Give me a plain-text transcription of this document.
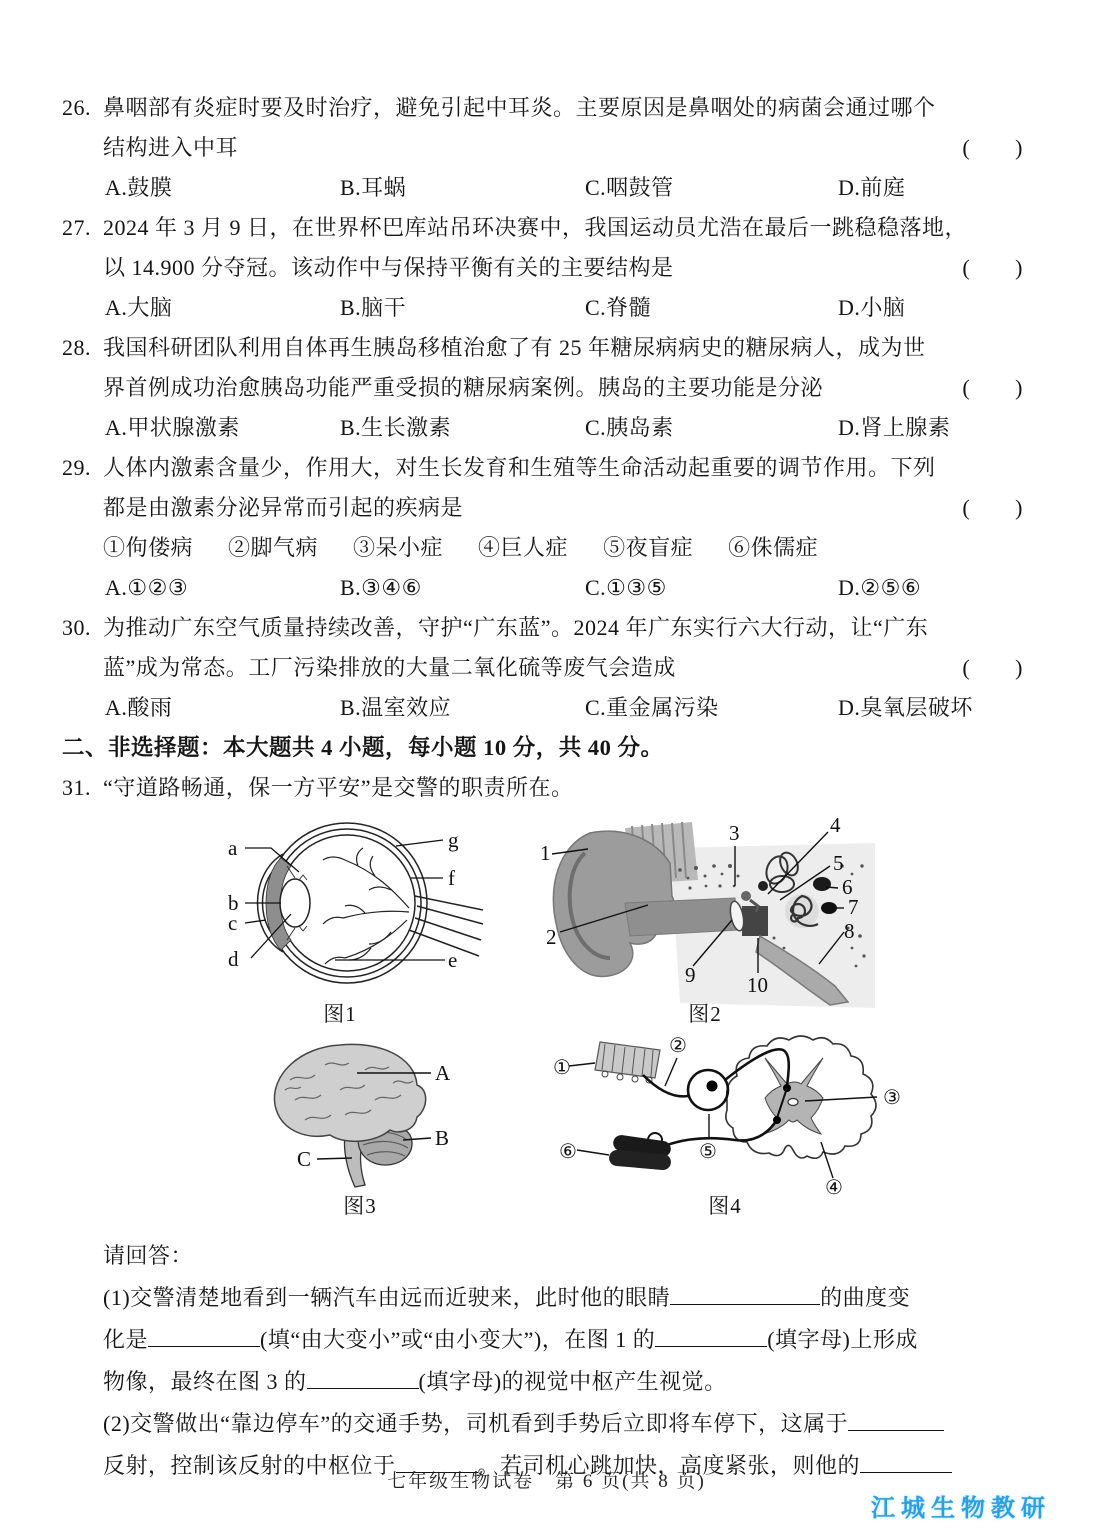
26. 鼻咽部有炎症时要及时治疗，避免引起中耳炎。主要原因是鼻咽处的病菌会通过哪个
结构进入中耳	(　　)
A.鼓膜	B.耳蜗	C.咽鼓管	D.前庭
27. 2024 年 3 月 9 日，在世界杯巴库站吊环决赛中，我国运动员尤浩在最后一跳稳稳落地，
以 14.900 分夺冠。该动作中与保持平衡有关的主要结构是	(　　)
A.大脑	B.脑干	C.脊髓	D.小脑
28. 我国科研团队利用自体再生胰岛移植治愈了有 25 年糖尿病病史的糖尿病人，成为世
界首例成功治愈胰岛功能严重受损的糖尿病案例。胰岛的主要功能是分泌	(　　)
A.甲状腺激素	B.生长激素	C.胰岛素	D.肾上腺素
29. 人体内激素含量少，作用大，对生长发育和生殖等生命活动起重要的调节作用。下列
都是由激素分泌异常而引起的疾病是	(　　)
①佝偻病 ②脚气病 ③呆小症 ④巨人症 ⑤夜盲症 ⑥侏儒症
A.①②③	B.③④⑥	C.①③⑤	D.②⑤⑥
30. 为推动广东空气质量持续改善，守护“广东蓝”。2024 年广东实行六大行动，让“广东
蓝”成为常态。工厂污染排放的大量二氧化硫等废气会造成	(　　)
A.酸雨	B.温室效应	C.重金属污染	D.臭氧层破坏
二、非选择题：本大题共 4 小题，每小题 10 分，共 40 分。
31. “守道路畅通，保一方平安”是交警的职责所在。
a
b
c
d	e
f
g
图1
1
2
3	4
5
6
7
8
9 10
图2
A
B
C
图3
①
②
③
④
⑤
⑥
图4
请回答：
(1)交警清楚地看到一辆汽车由远而近驶来，此时他的眼睛	的曲度变
化是	(填“由大变小”或“由小变大”)，在图 1 的	(填字母)上形成
物像，最终在图 3 的	(填字母)的视觉中枢产生视觉。
(2)交警做出“靠边停车”的交通手势，司机看到手势后立即将车停下，这属于
反射，控制该反射的中枢位于	。若司机心跳加快，高度紧张，则他的
七年级生物试卷　第 6 页(共 8 页)
江城生物教研
